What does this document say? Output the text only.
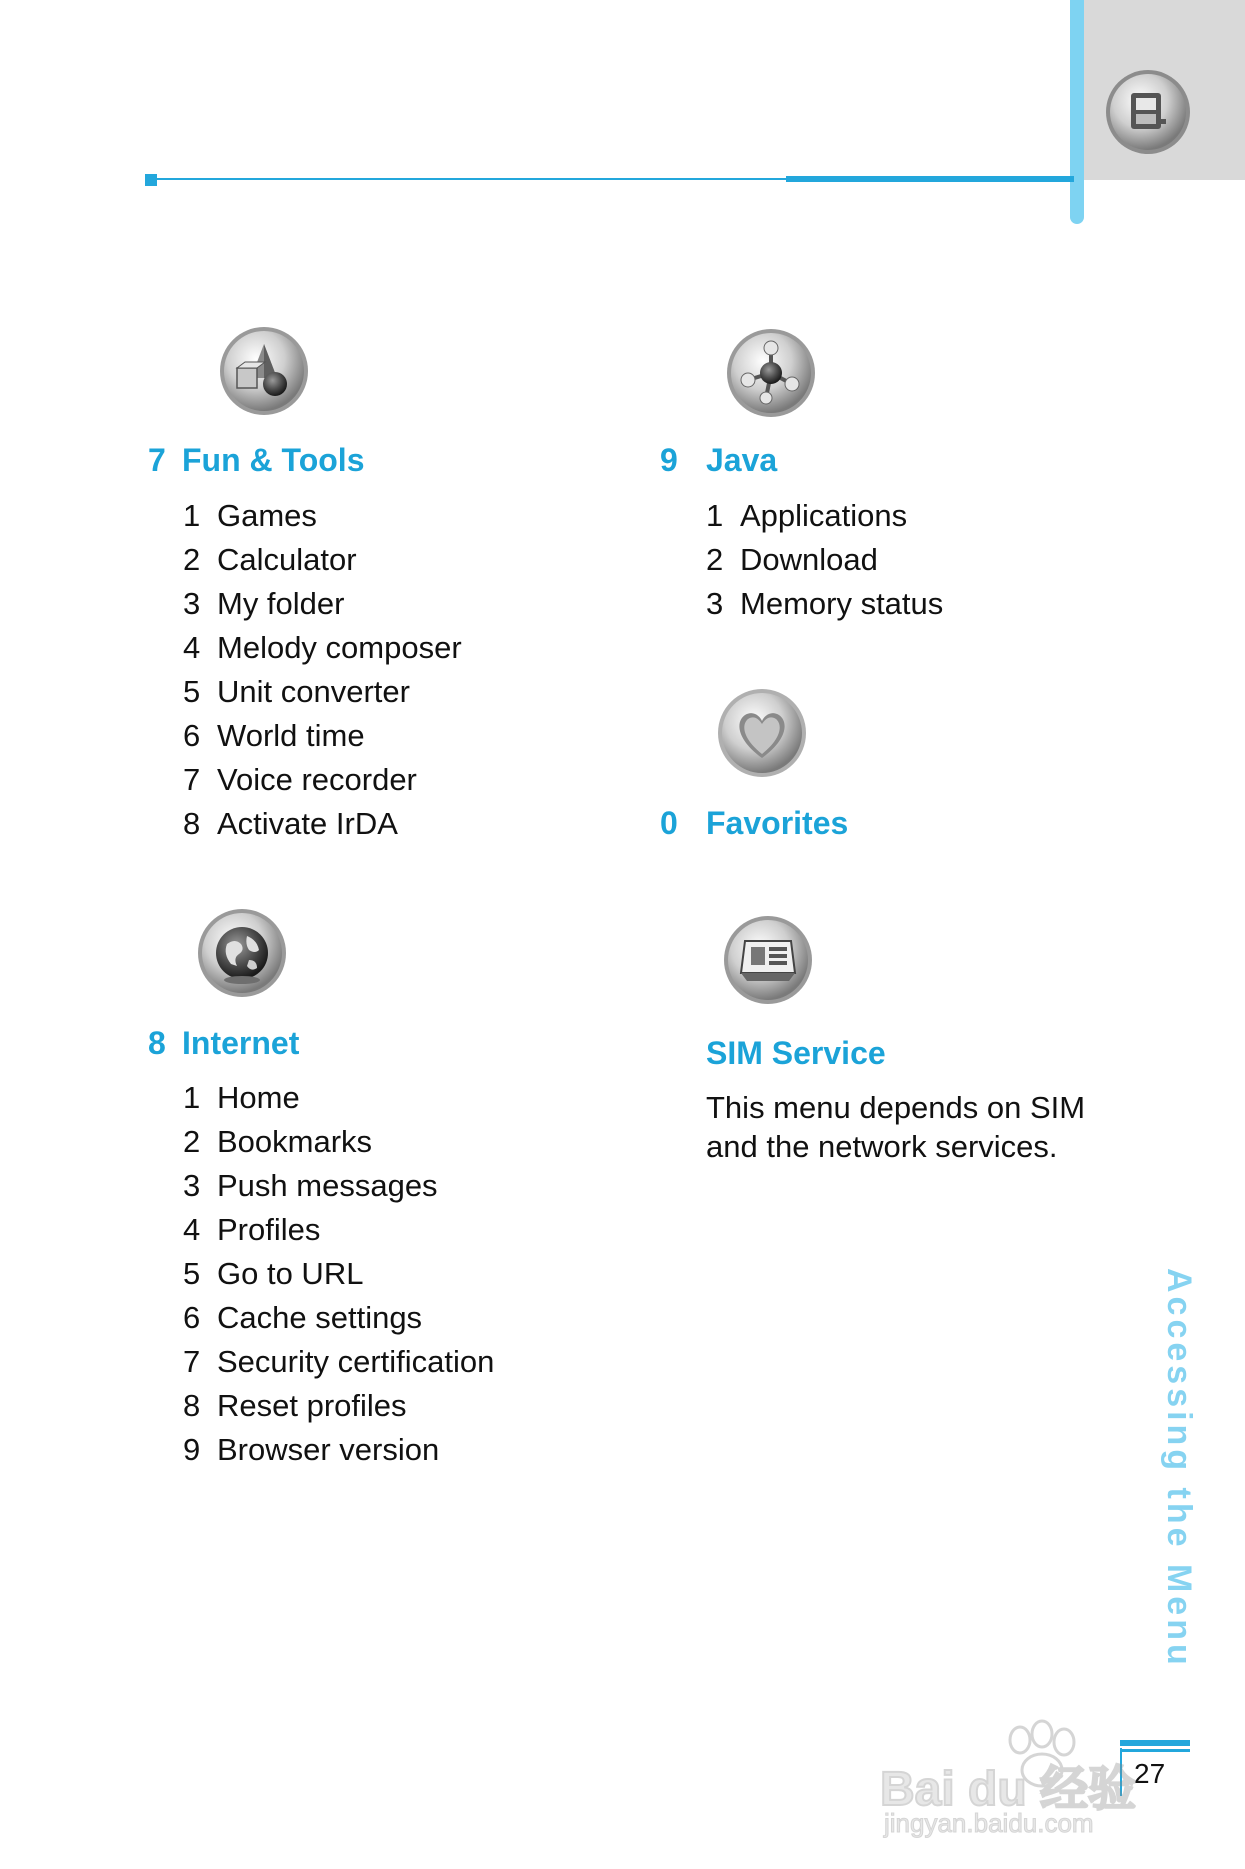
7 Fun & Tools
1 Games
2 Calculator
3 My folder
4 Melody composer
5 Unit converter
6 World time
7 Voice recorder
8 Activate IrDA
8 Internet
1 Home
2 Bookmarks
3 Push messages
4 Profiles
5 Go to URL
6 Cache settings
7 Security certification
8 Reset profiles
9 Browser version
9 Java
1 Applications
2 Download
3 Memory status
0 Favorites
SIM Service
This menu depends on SIM
and the network services.
Accessing the Menu
27
Bai du 经验
jingyan.baidu.com
